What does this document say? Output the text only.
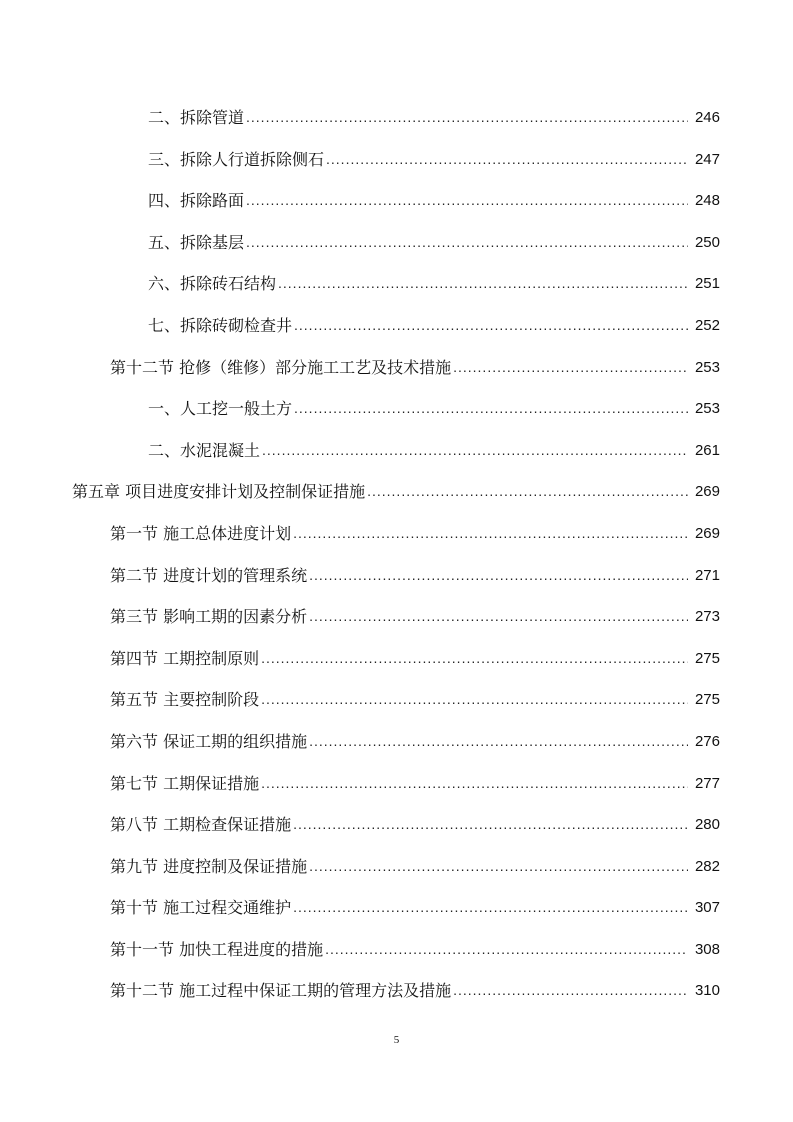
二、拆除管道 .....	246
三、拆除人行道拆除侧石 .....	247
四、拆除路面 .....	248
五、拆除基层 .....	250
六、拆除砖石结构 .....	251
七、拆除砖砌检查井 .....	252
第十二节 抢修（维修）部分施工工艺及技术措施 .....	253
一、人工挖一般土方 .....	253
二、水泥混凝土 .....	261
第五章 项目进度安排计划及控制保证措施 .....	269
第一节 施工总体进度计划 .....	269
第二节 进度计划的管理系统 .....	271
第三节 影响工期的因素分析 .....	273
第四节 工期控制原则 .....	275
第五节 主要控制阶段 .....	275
第六节 保证工期的组织措施 .....	276
第七节 工期保证措施 .....	277
第八节 工期检查保证措施 .....	280
第九节 进度控制及保证措施 .....	282
第十节 施工过程交通维护 .....	307
第十一节 加快工程进度的措施 .....	308
第十二节 施工过程中保证工期的管理方法及措施 .....	310
5
